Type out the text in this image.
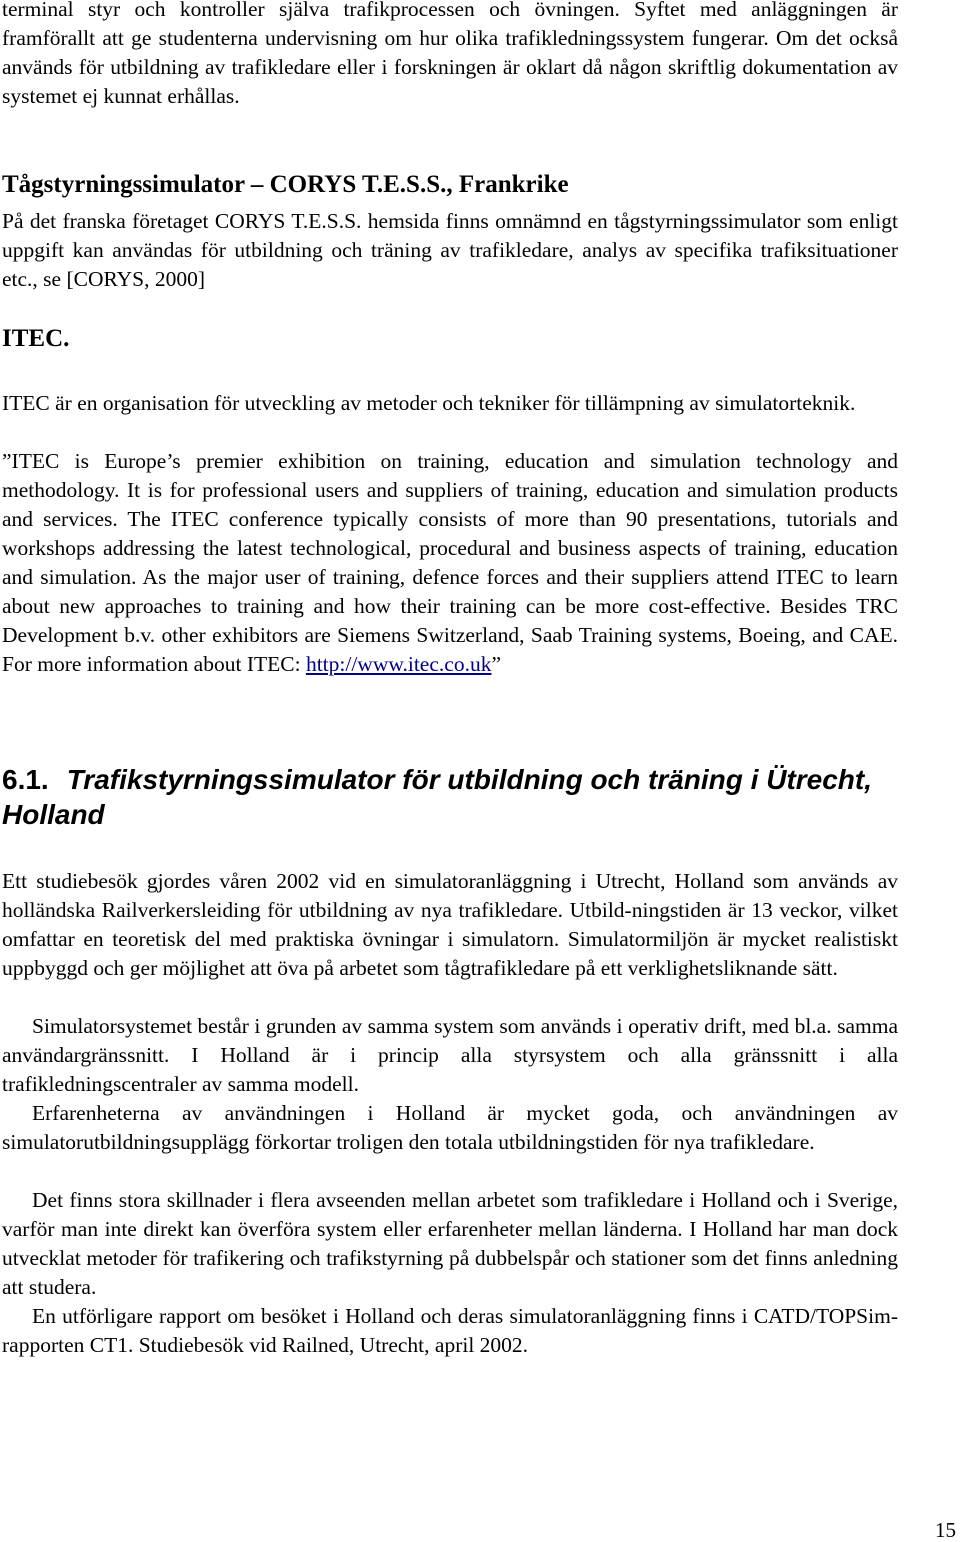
terminal styr och kontroller själva trafikprocessen och övningen. Syftet med anläggningen är framförallt att ge studenterna undervisning om hur olika trafikledningssystem fungerar. Om det också används för utbildning av trafikledare eller i forskningen är oklart då någon skriftlig dokumentation av systemet ej kunnat erhållas.

Tågstyrningssimulator – CORYS T.E.S.S., Frankrike

På det franska företaget CORYS T.E.S.S. hemsida finns omnämnd en tågstyrningssimulator som enligt uppgift kan användas för utbildning och träning av trafikledare, analys av specifika trafiksituationer etc., se [CORYS, 2000]

ITEC.

ITEC är en organisation för utveckling av metoder och tekniker för tillämpning av simulatorteknik.

”ITEC is Europe’s premier exhibition on training, education and simulation technology and methodology. It is for professional users and suppliers of training, education and simulation products and services. The ITEC conference typically consists of more than 90 presentations, tutorials and workshops addressing the latest technological, procedural and business aspects of training, education and simulation. As the major user of training, defence forces and their suppliers attend ITEC to learn about new approaches to training and how their training can be more cost-effective. Besides TRC Development b.v. other exhibitors are Siemens Switzerland, Saab Training systems, Boeing, and CAE. For more information about ITEC: http://www.itec.co.uk”

6.1. Trafikstyrningssimulator för utbildning och träning i Ütrecht, Holland

Ett studiebesök gjordes våren 2002 vid en simulatoranläggning i Utrecht, Holland som används av holländska Railverkersleiding för utbildning av nya trafikledare. Utbild-ningstiden är 13 veckor, vilket omfattar en teoretisk del med praktiska övningar i simulatorn. Simulatormiljön är mycket realistiskt uppbyggd och ger möjlighet att öva på arbetet som tågtrafikledare på ett verklighetsliknande sätt.

Simulatorsystemet består i grunden av samma system som används i operativ drift, med bl.a. samma användargränssnitt. I Holland är i princip alla styrsystem och alla gränssnitt i alla trafikledningscentraler av samma modell.

Erfarenheterna av användningen i Holland är mycket goda, och användningen av simulatorutbildningsupplägg förkortar troligen den totala utbildningstiden för nya trafikledare.

Det finns stora skillnader i flera avseenden mellan arbetet som trafikledare i Holland och i Sverige, varför man inte direkt kan överföra system eller erfarenheter mellan länderna. I Holland har man dock utvecklat metoder för trafikering och trafikstyrning på dubbelspår och stationer som det finns anledning att studera.

En utförligare rapport om besöket i Holland och deras simulatoranläggning finns i CATD/TOPSim-rapporten CT1. Studiebesök vid Railned, Utrecht, april 2002.

15
